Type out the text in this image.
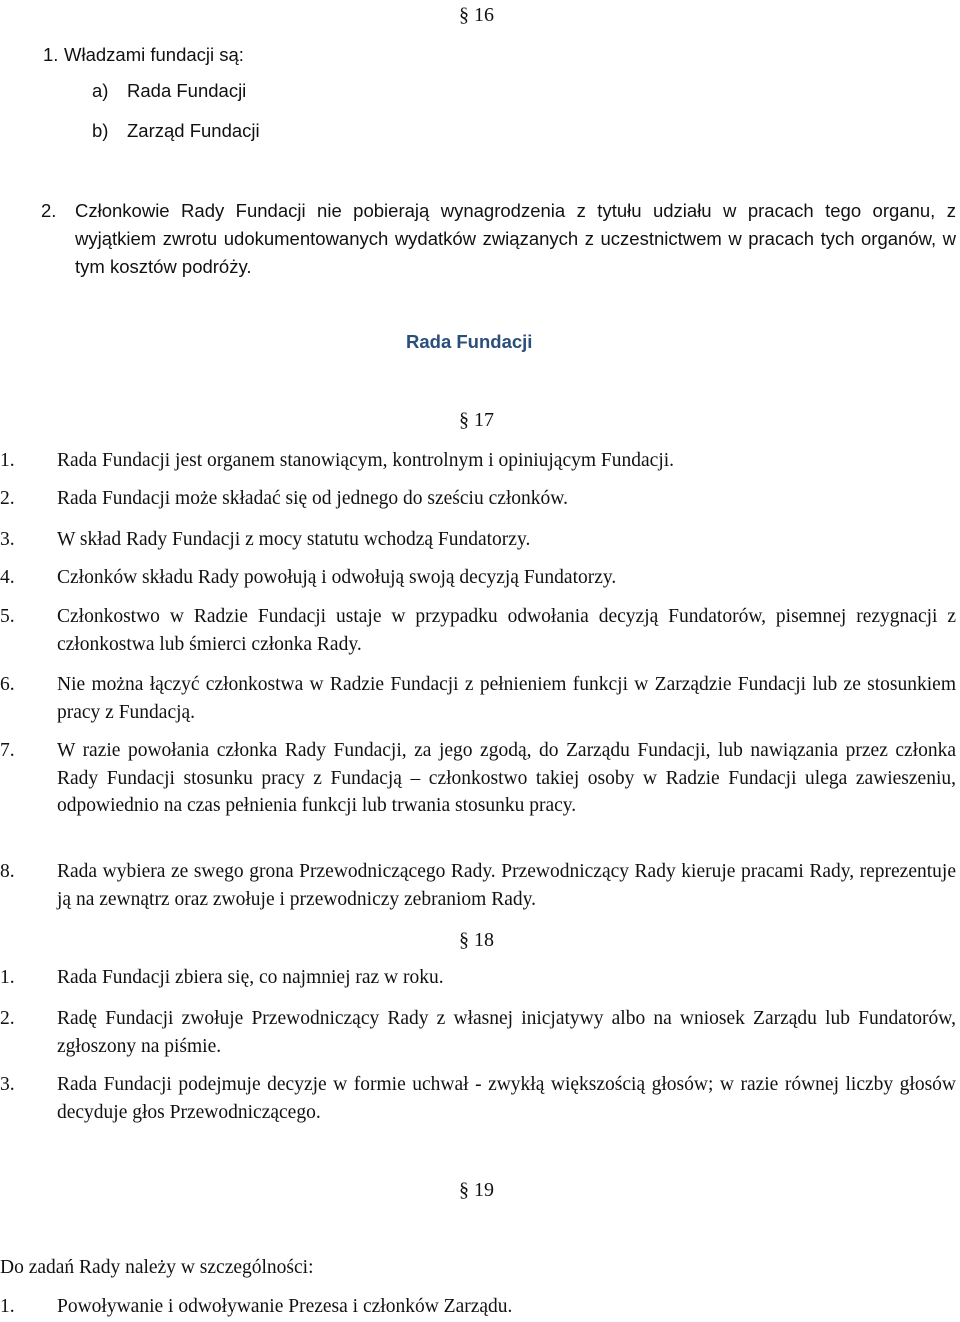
§ 16
1. Władzami fundacji są:
a) Rada Fundacji
b) Zarząd Fundacji
2.	Członkowie Rady Fundacji nie pobierają wynagrodzenia z tytułu udziału w pracach tego organu, z wyjątkiem zwrotu udokumentowanych wydatków związanych z uczestnictwem w pracach tych organów, w tym kosztów podróży.
Rada Fundacji
§ 17
1.	Rada Fundacji jest organem stanowiącym, kontrolnym i opiniującym Fundacji.
2.	Rada Fundacji może składać się od jednego do sześciu członków.
3.	W skład Rady Fundacji z mocy statutu wchodzą Fundatorzy.
4.	Członków składu Rady powołują i odwołują swoją decyzją Fundatorzy.
5.	Członkostwo w Radzie Fundacji ustaje w przypadku odwołania decyzją Fundatorów, pisemnej rezygnacji z członkostwa lub śmierci członka Rady.
6.	Nie można łączyć członkostwa w Radzie Fundacji z pełnieniem funkcji w Zarządzie Fundacji lub ze stosunkiem pracy z Fundacją.
7.	W razie powołania członka Rady Fundacji, za jego zgodą, do Zarządu Fundacji, lub nawiązania przez członka Rady Fundacji stosunku pracy z Fundacją – członkostwo takiej osoby w Radzie Fundacji ulega zawieszeniu, odpowiednio na czas pełnienia funkcji lub trwania stosunku pracy.
8.	Rada wybiera ze swego grona Przewodniczącego Rady. Przewodniczący Rady kieruje pracami Rady, reprezentuje ją na zewnątrz oraz zwołuje i przewodniczy zebraniom Rady.
§ 18
1.	Rada Fundacji zbiera się, co najmniej raz w roku.
2.	Radę Fundacji zwołuje Przewodniczący Rady z własnej inicjatywy albo na wniosek Zarządu lub Fundatorów, zgłoszony na piśmie.
3.	Rada Fundacji podejmuje decyzje w formie uchwał - zwykłą większością głosów; w razie równej liczby głosów decyduje głos Przewodniczącego.
§ 19
Do zadań Rady należy w szczególności:
1.	Powoływanie i odwoływanie Prezesa i członków Zarządu.
